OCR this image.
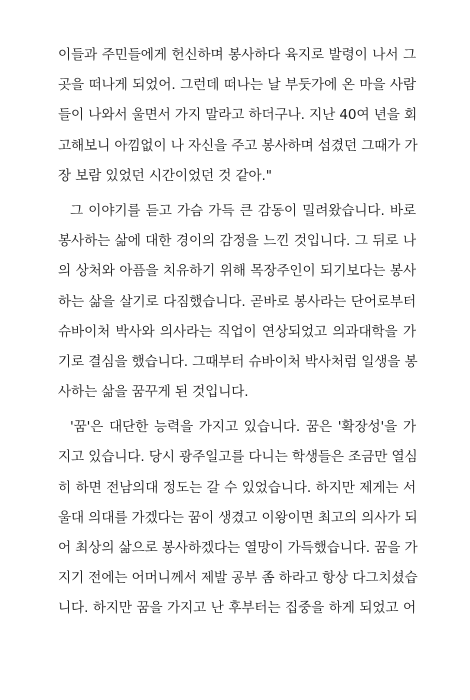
이들과 주민들에게 헌신하며 봉사하다 육지로 발령이 나서 그
곳을 떠나게 되었어. 그런데 떠나는 날 부둣가에 온 마을 사람
들이 나와서 울면서 가지 말라고 하더구나. 지난 40여 년을 회
고해보니 아낌없이 나 자신을 주고 봉사하며 섬겼던 그때가 가
장 보람 있었던 시간이었던 것 같아."
그 이야기를 듣고 가슴 가득 큰 감동이 밀려왔습니다. 바로
봉사하는 삶에 대한 경이의 감정을 느낀 것입니다. 그 뒤로 나
의 상처와 아픔을 치유하기 위해 목장주인이 되기보다는 봉사
하는 삶을 살기로 다짐했습니다. 곧바로 봉사라는 단어로부터
슈바이처 박사와 의사라는 직업이 연상되었고 의과대학을 가
기로 결심을 했습니다. 그때부터 슈바이처 박사처럼 일생을 봉
사하는 삶을 꿈꾸게 된 것입니다.
'꿈'은 대단한 능력을 가지고 있습니다. 꿈은 '확장성'을 가
지고 있습니다. 당시 광주일고를 다니는 학생들은 조금만 열심
히 하면 전남의대 정도는 갈 수 있었습니다. 하지만 제게는 서
울대 의대를 가겠다는 꿈이 생겼고 이왕이면 최고의 의사가 되
어 최상의 삶으로 봉사하겠다는 열망이 가득했습니다. 꿈을 가
지기 전에는 어머니께서 제발 공부 좀 하라고 항상 다그치셨습
니다. 하지만 꿈을 가지고 난 후부터는 집중을 하게 되었고 어
